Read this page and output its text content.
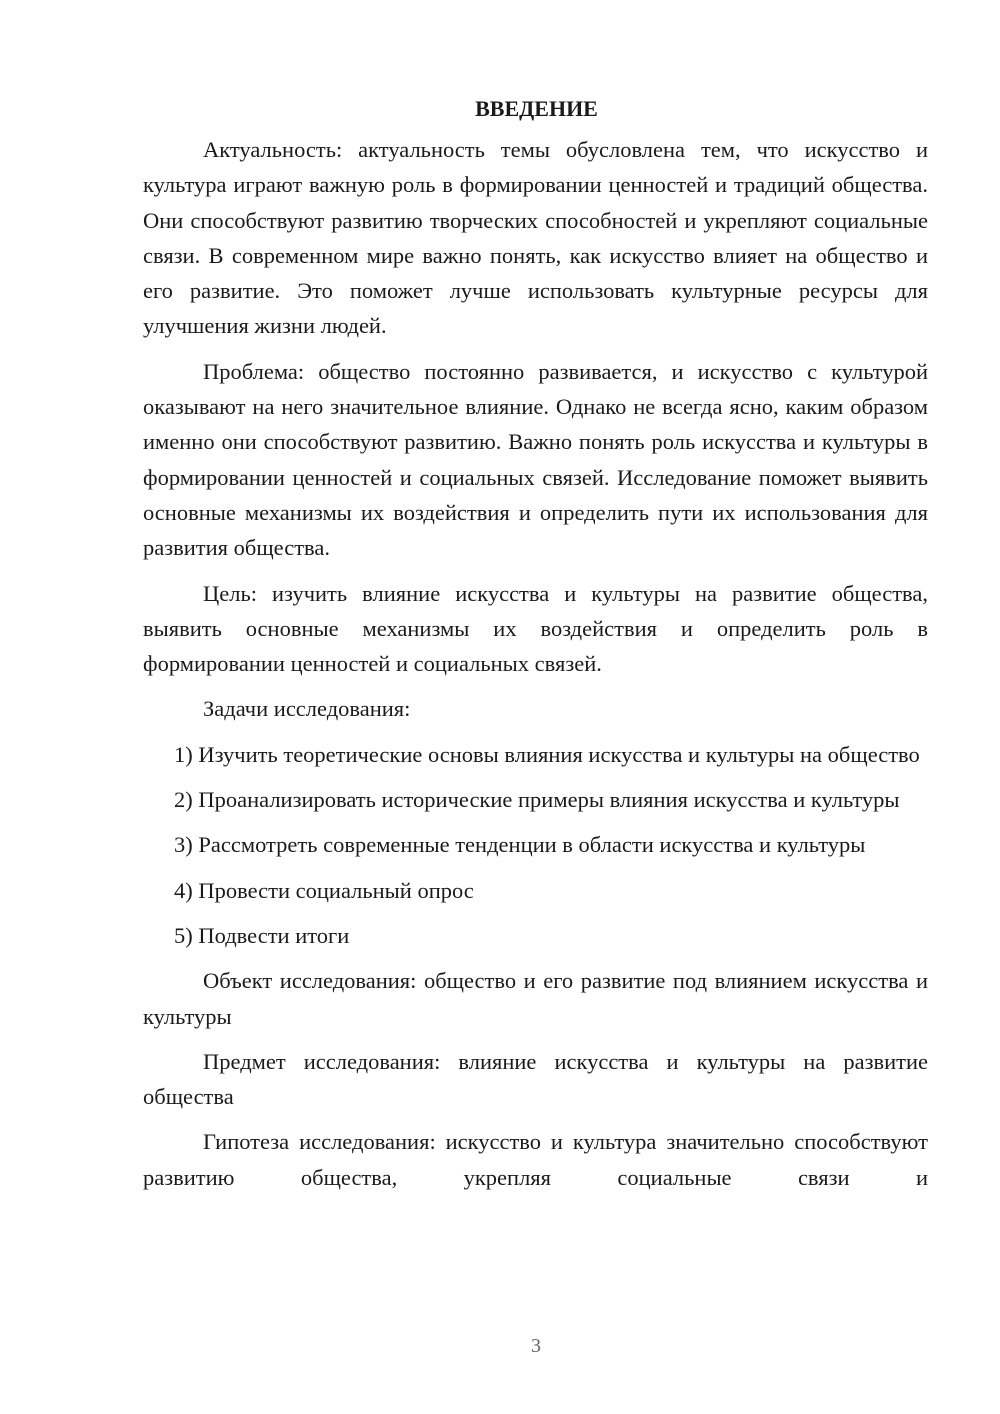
ВВЕДЕНИЕ

Актуальность: актуальность темы обусловлена тем, что искусство и культура играют важную роль в формировании ценностей и традиций общества. Они способствуют развитию творческих способностей и укрепляют социальные связи. В современном мире важно понять, как искусство влияет на общество и его развитие. Это поможет лучше использовать культурные ресурсы для улучшения жизни людей.

Проблема: общество постоянно развивается, и искусство с культурой оказывают на него значительное влияние. Однако не всегда ясно, каким образом именно они способствуют развитию. Важно понять роль искусства и культуры в формировании ценностей и социальных связей. Исследование поможет выявить основные механизмы их воздействия и определить пути их использования для развития общества.

Цель: изучить влияние искусства и культуры на развитие общества, выявить основные механизмы их воздействия и определить роль в формировании ценностей и социальных связей.

Задачи исследования:

1) Изучить теоретические основы влияния искусства и культуры на общество

2) Проанализировать исторические примеры влияния искусства и культуры

3) Рассмотреть современные тенденции в области искусства и культуры

4) Провести социальный опрос

5) Подвести итоги

Объект исследования: общество и его развитие под влиянием искусства и культуры

Предмет исследования: влияние искусства и культуры на развитие общества

Гипотеза исследования: искусство и культура значительно способствуют развитию общества, укрепляя социальные связи и

3
